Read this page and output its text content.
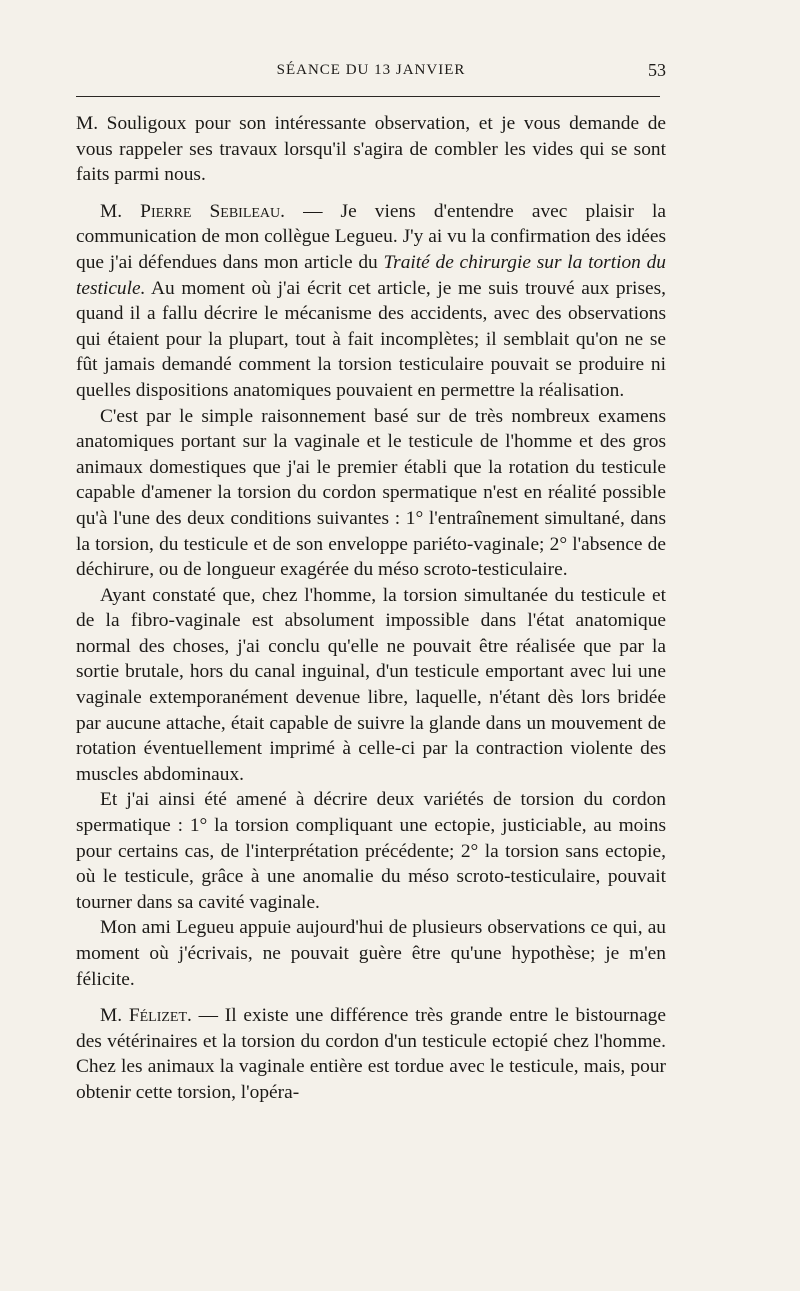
SÉANCE DU 13 JANVIER	53

M. Souligoux pour son intéressante observation, et je vous demande de vous rappeler ses travaux lorsqu'il s'agira de combler les vides qui se sont faits parmi nous.

M. Pierre Sebileau. — Je viens d'entendre avec plaisir la communication de mon collègue Legueu. J'y ai vu la confirmation des idées que j'ai défendues dans mon article du Traité de chirurgie sur la tortion du testicule. Au moment où j'ai écrit cet article, je me suis trouvé aux prises, quand il a fallu décrire le mécanisme des accidents, avec des observations qui étaient pour la plupart, tout à fait incomplètes; il semblait qu'on ne se fût jamais demandé comment la torsion testiculaire pouvait se produire ni quelles dispositions anatomiques pouvaient en permettre la réalisation.

C'est par le simple raisonnement basé sur de très nombreux examens anatomiques portant sur la vaginale et le testicule de l'homme et des gros animaux domestiques que j'ai le premier établi que la rotation du testicule capable d'amener la torsion du cordon spermatique n'est en réalité possible qu'à l'une des deux conditions suivantes : 1° l'entraînement simultané, dans la torsion, du testicule et de son enveloppe pariéto-vaginale; 2° l'absence de déchirure, ou de longueur exagérée du méso scroto-testiculaire.

Ayant constaté que, chez l'homme, la torsion simultanée du testicule et de la fibro-vaginale est absolument impossible dans l'état anatomique normal des choses, j'ai conclu qu'elle ne pouvait être réalisée que par la sortie brutale, hors du canal inguinal, d'un testicule emportant avec lui une vaginale extemporanément devenue libre, laquelle, n'étant dès lors bridée par aucune attache, était capable de suivre la glande dans un mouvement de rotation éventuellement imprimé à celle-ci par la contraction violente des muscles abdominaux.

Et j'ai ainsi été amené à décrire deux variétés de torsion du cordon spermatique : 1° la torsion compliquant une ectopie, justiciable, au moins pour certains cas, de l'interprétation précédente; 2° la torsion sans ectopie, où le testicule, grâce à une anomalie du méso scroto-testiculaire, pouvait tourner dans sa cavité vaginale.

Mon ami Legueu appuie aujourd'hui de plusieurs observations ce qui, au moment où j'écrivais, ne pouvait guère être qu'une hypothèse; je m'en félicite.

M. Félizet. — Il existe une différence très grande entre le bistournage des vétérinaires et la torsion du cordon d'un testicule ectopié chez l'homme. Chez les animaux la vaginale entière est tordue avec le testicule, mais, pour obtenir cette torsion, l'opéra-
